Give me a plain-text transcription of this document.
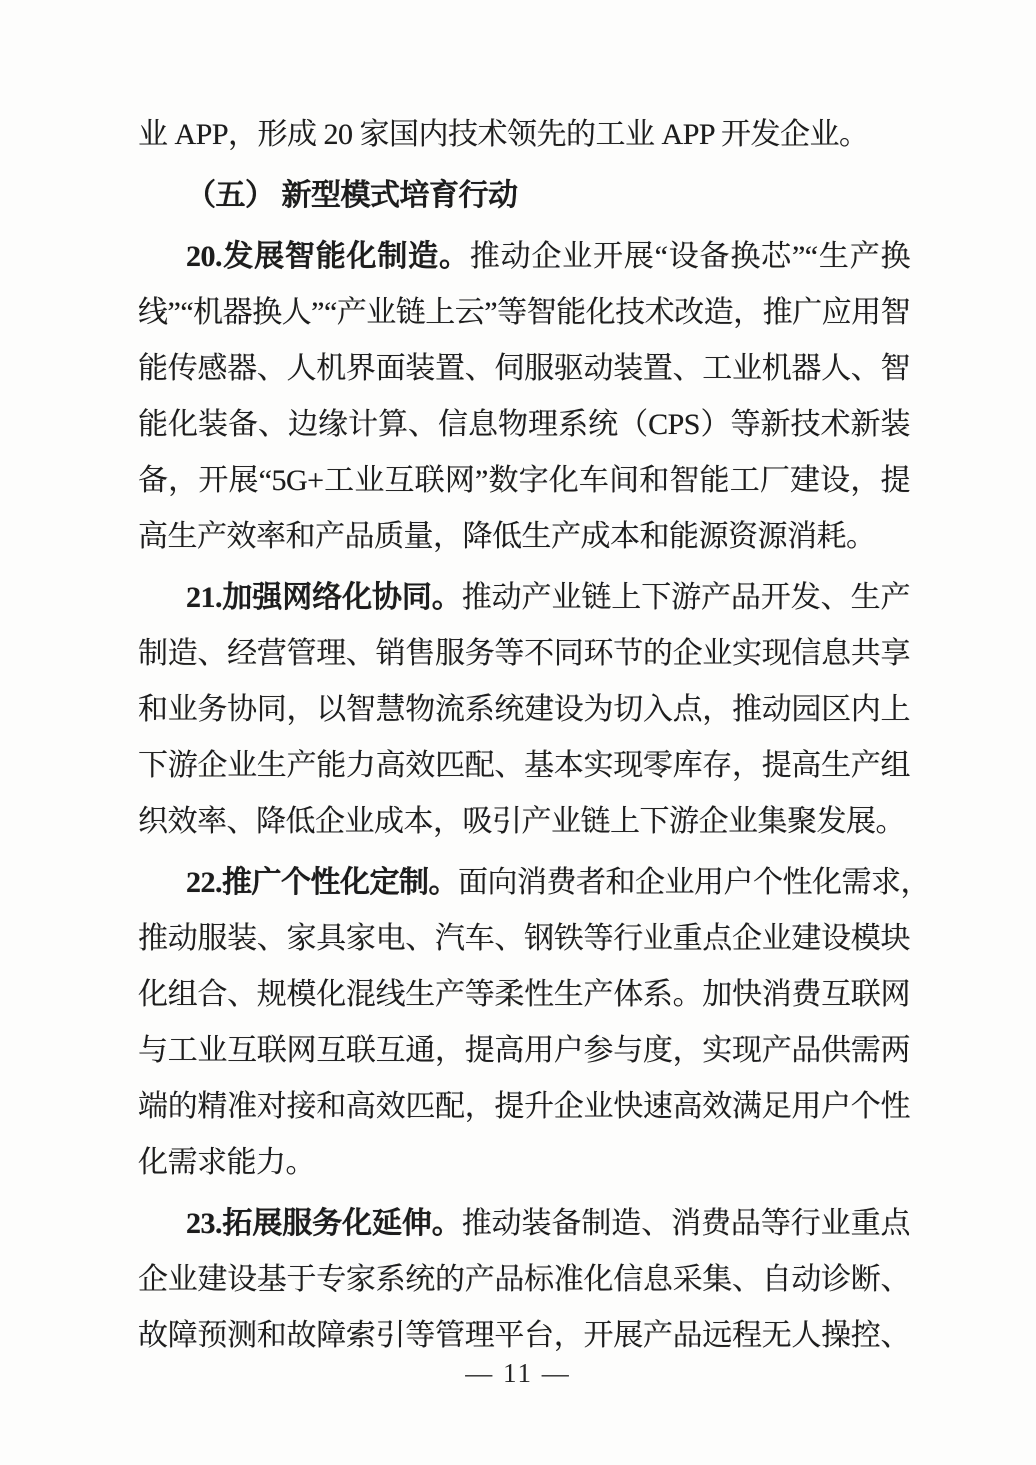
业 APP，形成 20 家国内技术领先的工业 APP 开发企业。
（五） 新型模式培育行动
20.发展智能化制造。推动企业开展“设备换芯”“生产换
线”“机器换人”“产业链上云”等智能化技术改造，推广应用智
能传感器、人机界面装置、伺服驱动装置、工业机器人、智
能化装备、边缘计算、信息物理系统（CPS）等新技术新装
备，开展“5G+工业互联网”数字化车间和智能工厂建设，提
高生产效率和产品质量，降低生产成本和能源资源消耗。
21.加强网络化协同。推动产业链上下游产品开发、生产
制造、经营管理、销售服务等不同环节的企业实现信息共享
和业务协同，以智慧物流系统建设为切入点，推动园区内上
下游企业生产能力高效匹配、基本实现零库存，提高生产组
织效率、降低企业成本，吸引产业链上下游企业集聚发展。
22.推广个性化定制。面向消费者和企业用户个性化需求，
推动服装、家具家电、汽车、钢铁等行业重点企业建设模块
化组合、规模化混线生产等柔性生产体系。加快消费互联网
与工业互联网互联互通，提高用户参与度，实现产品供需两
端的精准对接和高效匹配，提升企业快速高效满足用户个性
化需求能力。
23.拓展服务化延伸。推动装备制造、消费品等行业重点
企业建设基于专家系统的产品标准化信息采集、自动诊断、
故障预测和故障索引等管理平台，开展产品远程无人操控、
— 11 —
